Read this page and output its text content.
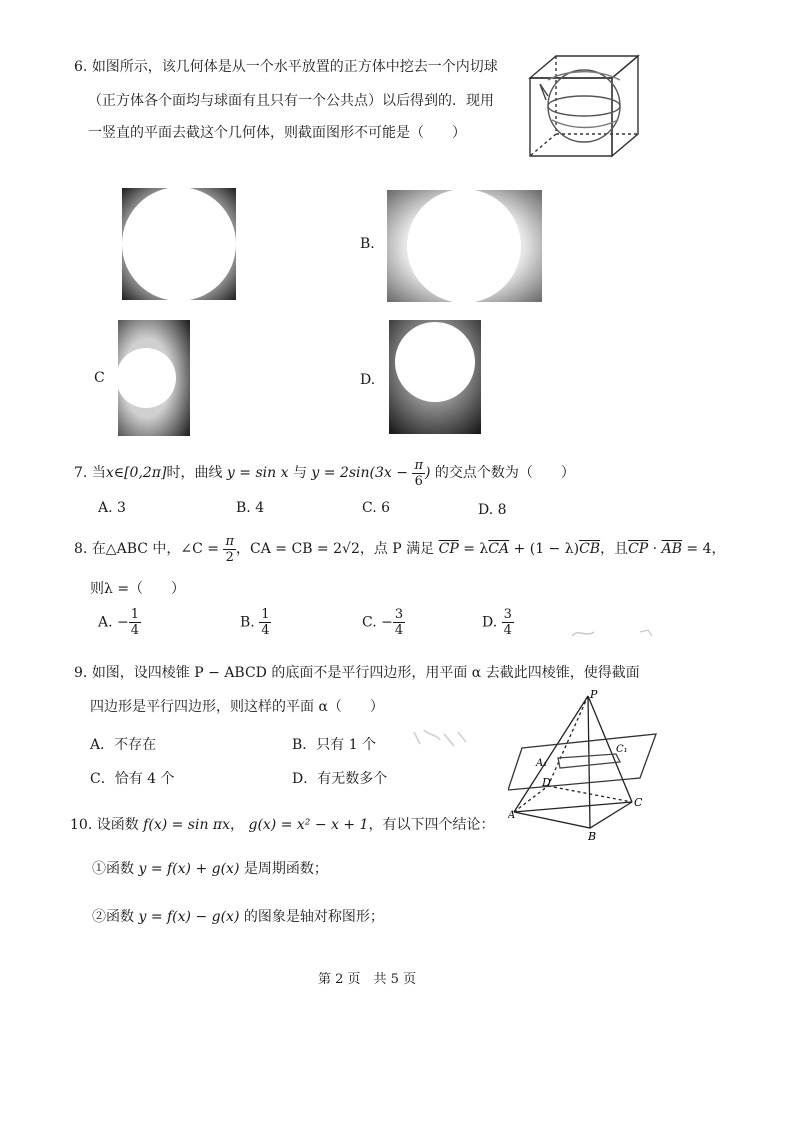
6. 如图所示，该几何体是从一个水平放置的正方体中挖去一个内切球
（正方体各个面均与球面有且只有一个公共点）以后得到的．现用
一竖直的平面去截这个几何体，则截面图形不可能是（　　）
B.
C	D.
7. 当x∈[0,2π]时，曲线 y = sin x 与 $y = 2\sin(3x - \frac{\pi}{6}$ ) 的交点个数为（　　）
A. 3	B. 4	C. 6	D. 8
8. 在△ABC 中，∠C = $\frac{\pi}{2}$ ，CA = CB = 2√2，点 P 满足 $\overline{CP} = \lambda\overline{CA} + (1 - \lambda)\overline{CB}$，且$\overline{CP} \cdot \overline{AB} = 4$，
则λ =（　　）
A. − $\frac{1}{4}$	B. $\frac{1}{4}$	C. − $\frac{3}{4}$	D. $\frac{3}{4}$
9. 如图，设四棱锥 P − ABCD 的底面不是平行四边形，用平面 α 去截此四棱锥，使得截面
四边形是平行四边形，则这样的平面 α（　　）
A．不存在	B．只有 1 个
C．恰有 4 个	D．有无数多个
P
A₁
C₁
D
C
A
B
10. 设函数 f(x) = sin πx， g(x) = x² − x + 1，有以下四个结论：
①函数 y = f(x) + g(x) 是周期函数；
②函数 y = f(x) − g(x) 的图象是轴对称图形；
第 2 页　共 5 页
